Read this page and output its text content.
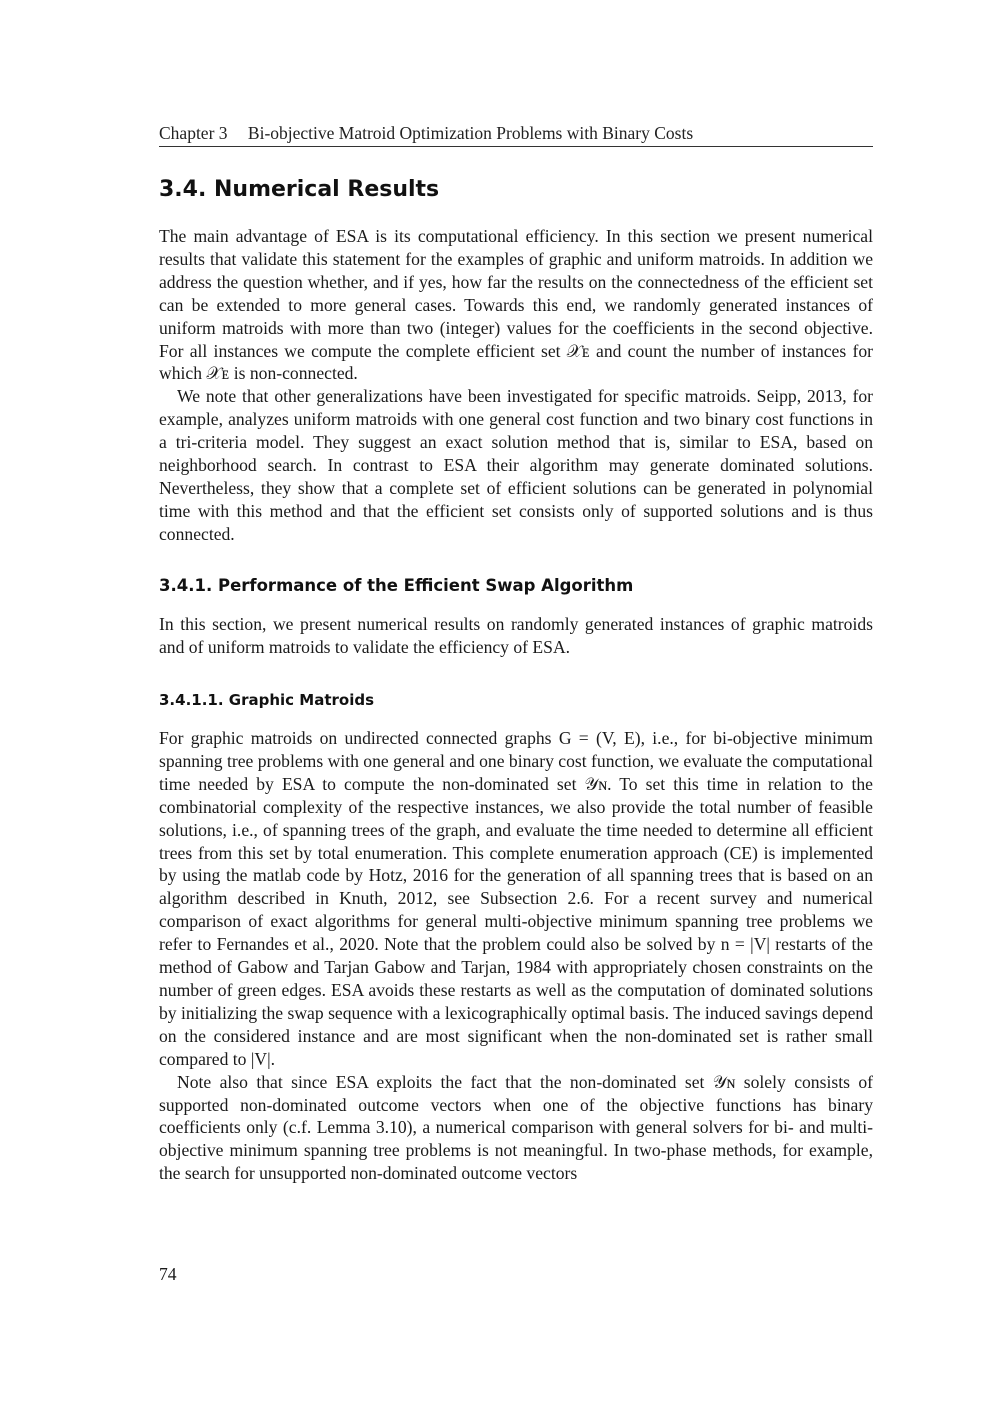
Chapter 3 Bi-objective Matroid Optimization Problems with Binary Costs
3.4. Numerical Results

The main advantage of ESA is its computational efficiency. In this section we present numerical results that validate this statement for the examples of graphic and uniform matroids. In addition we address the question whether, and if yes, how far the results on the connectedness of the efficient set can be extended to more general cases. Towards this end, we randomly generated instances of uniform matroids with more than two (integer) values for the coefficients in the second objective. For all instances we compute the complete efficient set 𝒳ᴇ and count the number of instances for which 𝒳ᴇ is non-connected.

We note that other generalizations have been investigated for specific matroids. Seipp, 2013, for example, analyzes uniform matroids with one general cost function and two binary cost functions in a tri-criteria model. They suggest an exact solution method that is, similar to ESA, based on neighborhood search. In contrast to ESA their algorithm may generate dominated solutions. Nevertheless, they show that a complete set of efficient solutions can be generated in polynomial time with this method and that the efficient set consists only of supported solutions and is thus connected.

3.4.1. Performance of the Efficient Swap Algorithm

In this section, we present numerical results on randomly generated instances of graphic matroids and of uniform matroids to validate the efficiency of ESA.

3.4.1.1. Graphic Matroids

For graphic matroids on undirected connected graphs G = (V, E), i.e., for bi-objective minimum spanning tree problems with one general and one binary cost function, we evaluate the computational time needed by ESA to compute the non-dominated set 𝒴ɴ. To set this time in relation to the combinatorial complexity of the respective instances, we also provide the total number of feasible solutions, i.e., of spanning trees of the graph, and evaluate the time needed to determine all efficient trees from this set by total enumeration. This complete enumeration approach (CE) is implemented by using the matlab code by Hotz, 2016 for the generation of all spanning trees that is based on an algorithm described in Knuth, 2012, see Subsection 2.6. For a recent survey and numerical comparison of exact algorithms for general multi-objective minimum spanning tree problems we refer to Fernandes et al., 2020. Note that the problem could also be solved by n = |V| restarts of the method of Gabow and Tarjan Gabow and Tarjan, 1984 with appropriately chosen constraints on the number of green edges. ESA avoids these restarts as well as the computation of dominated solutions by initializing the swap sequence with a lexicographically optimal basis. The induced savings depend on the considered instance and are most significant when the non-dominated set is rather small compared to |V|.

Note also that since ESA exploits the fact that the non-dominated set 𝒴ɴ solely consists of supported non-dominated outcome vectors when one of the objective functions has binary coefficients only (c.f. Lemma 3.10), a numerical comparison with general solvers for bi- and multi-objective minimum spanning tree problems is not meaningful. In two-phase methods, for example, the search for unsupported non-dominated outcome vectors

74
